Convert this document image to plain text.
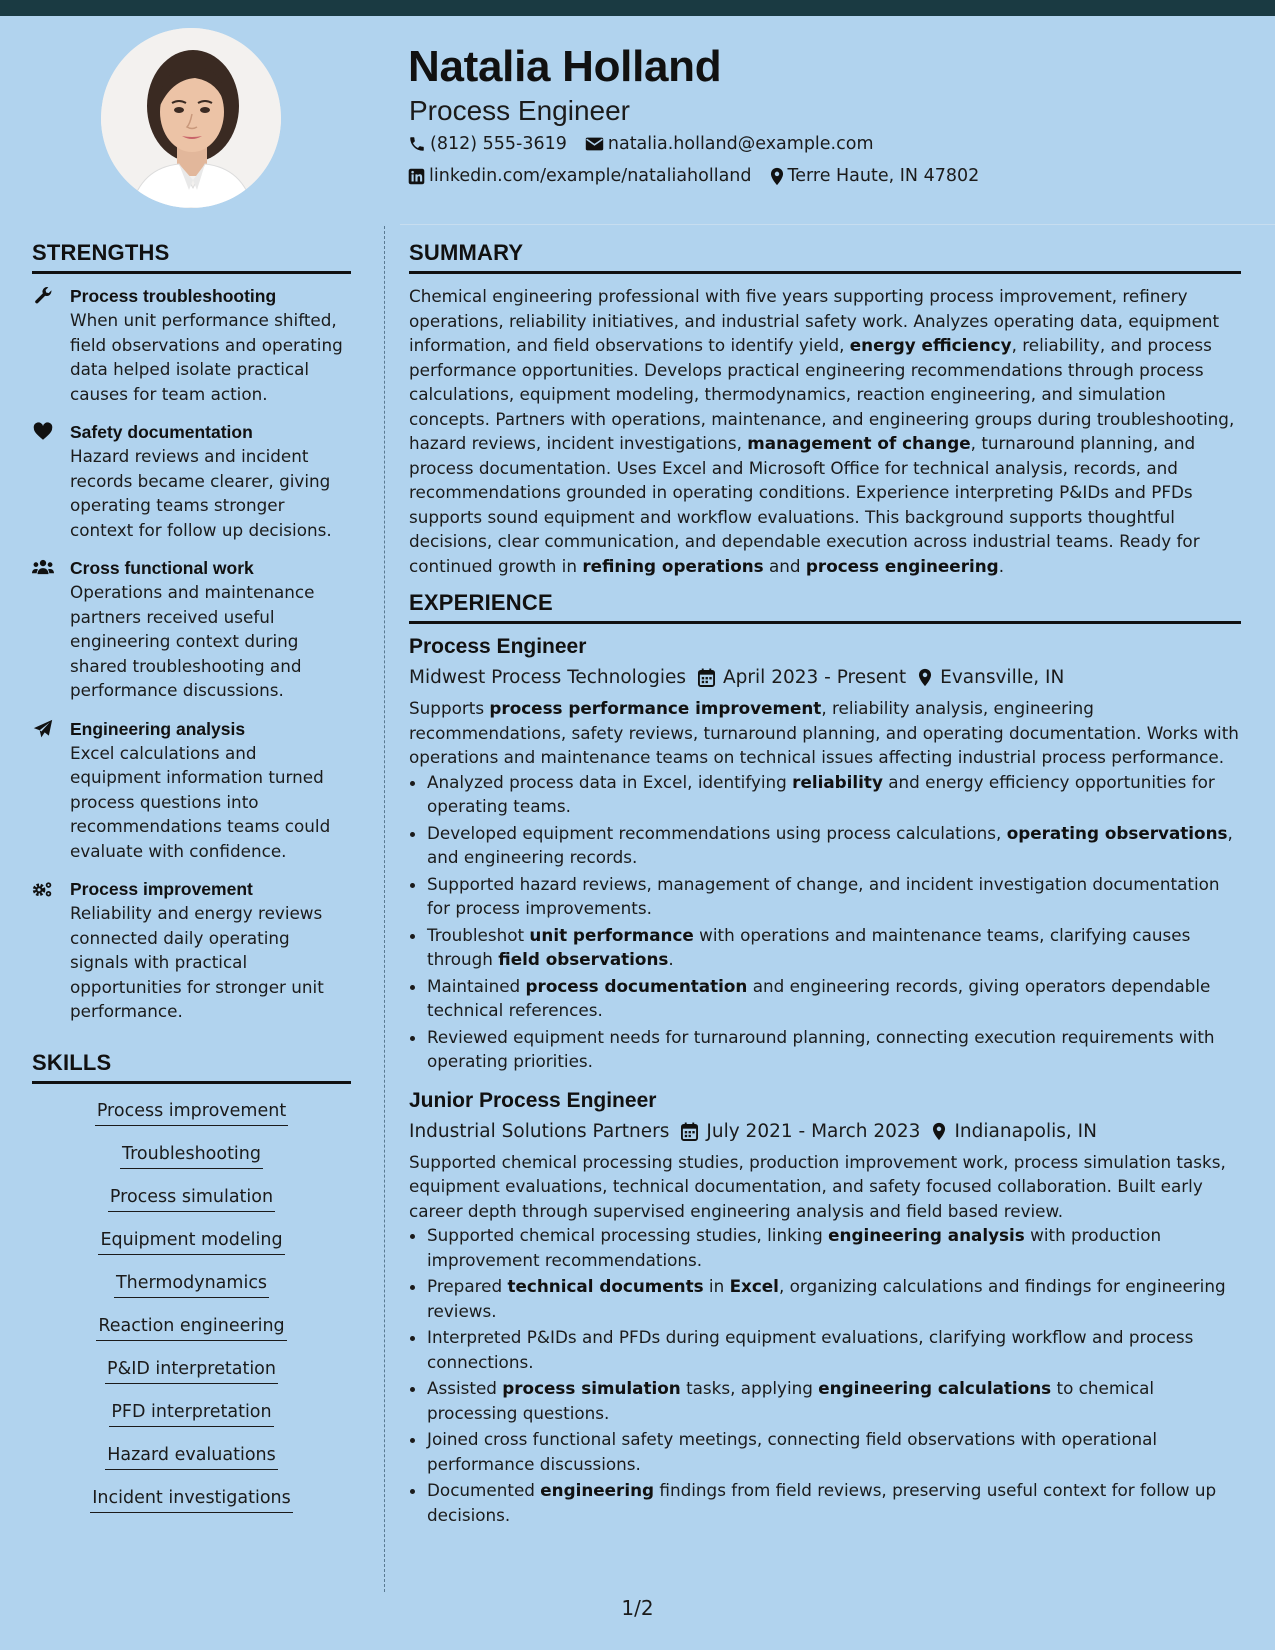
Natalia Holland
Process Engineer
(812) 555-3619 natalia.holland@example.com
linkedin.com/example/nataliaholland Terre Haute, IN 47802
STRENGTHS
Process troubleshooting
When unit performance shifted, field observations and operating data helped isolate practical causes for team action.
Safety documentation
Hazard reviews and incident records became clearer, giving operating teams stronger context for follow up decisions.
Cross functional work
Operations and maintenance partners received useful engineering context during shared troubleshooting and performance discussions.
Engineering analysis
Excel calculations and equipment information turned process questions into recommendations teams could evaluate with confidence.
Process improvement
Reliability and energy reviews connected daily operating signals with practical opportunities for stronger unit performance.
SKILLS
Process improvement
Troubleshooting
Process simulation
Equipment modeling
Thermodynamics
Reaction engineering
P&ID interpretation
PFD interpretation
Hazard evaluations
Incident investigations
SUMMARY

Chemical engineering professional with five years supporting process improvement, refinery operations, reliability initiatives, and industrial safety work. Analyzes operating data, equipment information, and field observations to identify yield, energy efficiency, reliability, and process performance opportunities. Develops practical engineering recommendations through process calculations, equipment modeling, thermodynamics, reaction engineering, and simulation concepts. Partners with operations, maintenance, and engineering groups during troubleshooting, hazard reviews, incident investigations, management of change, turnaround planning, and process documentation. Uses Excel and Microsoft Office for technical analysis, records, and recommendations grounded in operating conditions. Experience interpreting P&IDs and PFDs supports sound equipment and workflow evaluations. This background supports thoughtful decisions, clear communication, and dependable execution across industrial teams. Ready for continued growth in refining operations and process engineering.

EXPERIENCE
Process Engineer
Midwest Process Technologies April 2023 - Present Evansville, IN

Supports process performance improvement, reliability analysis, engineering recommendations, safety reviews, turnaround planning, and operating documentation. Works with operations and maintenance teams on technical issues affecting industrial process performance.

• Analyzed process data in Excel, identifying reliability and energy efficiency opportunities for operating teams.
• Developed equipment recommendations using process calculations, operating observations, and engineering records.
• Supported hazard reviews, management of change, and incident investigation documentation for process improvements.
• Troubleshot unit performance with operations and maintenance teams, clarifying causes through field observations.
• Maintained process documentation and engineering records, giving operators dependable technical references.
• Reviewed equipment needs for turnaround planning, connecting execution requirements with operating priorities.
Junior Process Engineer
Industrial Solutions Partners July 2021 - March 2023 Indianapolis, IN

Supported chemical processing studies, production improvement work, process simulation tasks, equipment evaluations, technical documentation, and safety focused collaboration. Built early career depth through supervised engineering analysis and field based review.

• Supported chemical processing studies, linking engineering analysis with production improvement recommendations.
• Prepared technical documents in Excel, organizing calculations and findings for engineering reviews.
• Interpreted P&IDs and PFDs during equipment evaluations, clarifying workflow and process connections.
• Assisted process simulation tasks, applying engineering calculations to chemical processing questions.
• Joined cross functional safety meetings, connecting field observations with operational performance discussions.
• Documented engineering findings from field reviews, preserving useful context for follow up decisions.
1/2
